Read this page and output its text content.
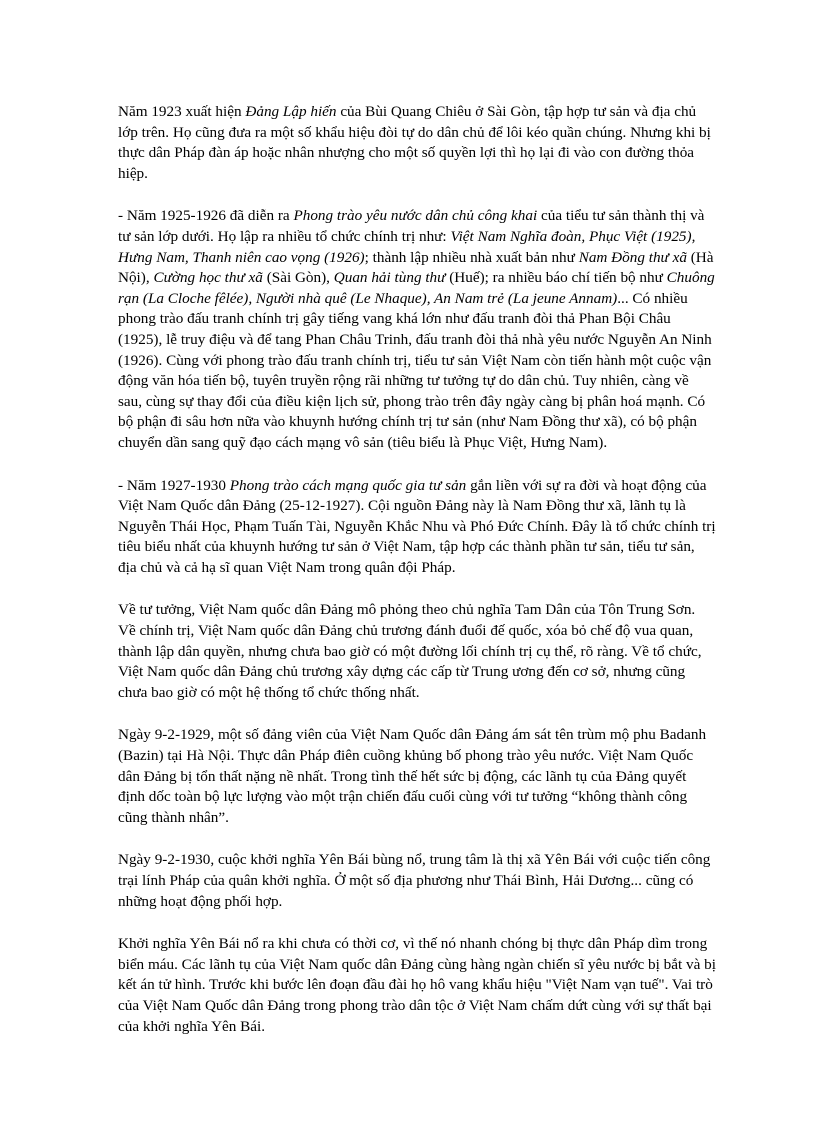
Năm 1923 xuất hiện Đảng Lập hiến của Bùi Quang Chiêu ở Sài Gòn, tập hợp tư sản và địa chủ lớp trên. Họ cũng đưa ra một số khẩu hiệu đòi tự do dân chủ để lôi kéo quần chúng. Nhưng khi bị thực dân Pháp đàn áp hoặc nhân nhượng cho một số quyền lợi thì họ lại đi vào con đường thỏa hiệp.

- Năm 1925-1926 đã diễn ra Phong trào yêu nước dân chủ công khai của tiểu tư sản thành thị và tư sản lớp dưới. Họ lập ra nhiều tổ chức chính trị như: Việt Nam Nghĩa đoàn, Phục Việt (1925), Hưng Nam, Thanh niên cao vọng (1926); thành lập nhiều nhà xuất bản như Nam Đồng thư xã (Hà Nội), Cường học thư xã (Sài Gòn), Quan hải tùng thư (Huế); ra nhiều báo chí tiến bộ như Chuông rạn (La Cloche fêlée), Người nhà quê (Le Nhaque), An Nam trẻ (La jeune Annam)... Có nhiều phong trào đấu tranh chính trị gây tiếng vang khá lớn như đấu tranh đòi thả Phan Bội Châu (1925), lễ truy điệu và để tang Phan Châu Trinh, đấu tranh đòi thả nhà yêu nước Nguyễn An Ninh (1926). Cùng với phong trào đấu tranh chính trị, tiểu tư sản Việt Nam còn tiến hành một cuộc vận động văn hóa tiến bộ, tuyên truyền rộng rãi những tư tưởng tự do dân chủ. Tuy nhiên, càng về sau, cùng sự thay đổi của điều kiện lịch sử, phong trào trên đây ngày càng bị phân hoá mạnh. Có bộ phận đi sâu hơn nữa vào khuynh hướng chính trị tư sản (như Nam Đồng thư xã), có bộ phận chuyển dần sang quỹ đạo cách mạng vô sản (tiêu biểu là Phục Việt, Hưng Nam).

- Năm 1927-1930 Phong trào cách mạng quốc gia tư sản gắn liền với sự ra đời và hoạt động của Việt Nam Quốc dân Đảng (25-12-1927). Cội nguồn Đảng này là Nam Đồng thư xã, lãnh tụ là Nguyễn Thái Học, Phạm Tuấn Tài, Nguyễn Khắc Nhu và Phó Đức Chính. Đây là tổ chức chính trị tiêu biểu nhất của khuynh hướng tư sản ở Việt Nam, tập hợp các thành phần tư sản, tiểu tư sản, địa chủ và cả hạ sĩ quan Việt Nam trong quân đội Pháp.

Về tư tưởng, Việt Nam quốc dân Đảng mô phỏng theo chủ nghĩa Tam Dân của Tôn Trung Sơn. Về chính trị, Việt Nam quốc dân Đảng chủ trương đánh đuổi đế quốc, xóa bỏ chế độ vua quan, thành lập dân quyền, nhưng chưa bao giờ có một đường lối chính trị cụ thể, rõ ràng. Về tổ chức, Việt Nam quốc dân Đảng chủ trương xây dựng các cấp từ Trung ương đến cơ sở, nhưng cũng chưa bao giờ có một hệ thống tổ chức thống nhất.

Ngày 9-2-1929, một số đảng viên của Việt Nam Quốc dân Đảng ám sát tên trùm mộ phu Badanh (Bazin) tại Hà Nội. Thực dân Pháp điên cuồng khủng bố phong trào yêu nước. Việt Nam Quốc dân Đảng bị tổn thất nặng nề nhất. Trong tình thế hết sức bị động, các lãnh tụ của Đảng quyết định dốc toàn bộ lực lượng vào một trận chiến đấu cuối cùng với tư tưởng “không thành công cũng thành nhân”.

Ngày 9-2-1930, cuộc khởi nghĩa Yên Bái bùng nổ, trung tâm là thị xã Yên Bái với cuộc tiến công trại lính Pháp của quân khởi nghĩa. Ở một số địa phương như Thái Bình, Hải Dương... cũng có những hoạt động phối hợp.

Khởi nghĩa Yên Bái nổ ra khi chưa có thời cơ, vì thế nó nhanh chóng bị thực dân Pháp dìm trong biển máu. Các lãnh tụ của Việt Nam quốc dân Đảng cùng hàng ngàn chiến sĩ yêu nước bị bắt và bị kết án tử hình. Trước khi bước lên đoạn đầu đài họ hô vang khẩu hiệu "Việt Nam vạn tuế". Vai trò của Việt Nam Quốc dân Đảng trong phong trào dân tộc ở Việt Nam chấm dứt cùng với sự thất bại của khởi nghĩa Yên Bái.
